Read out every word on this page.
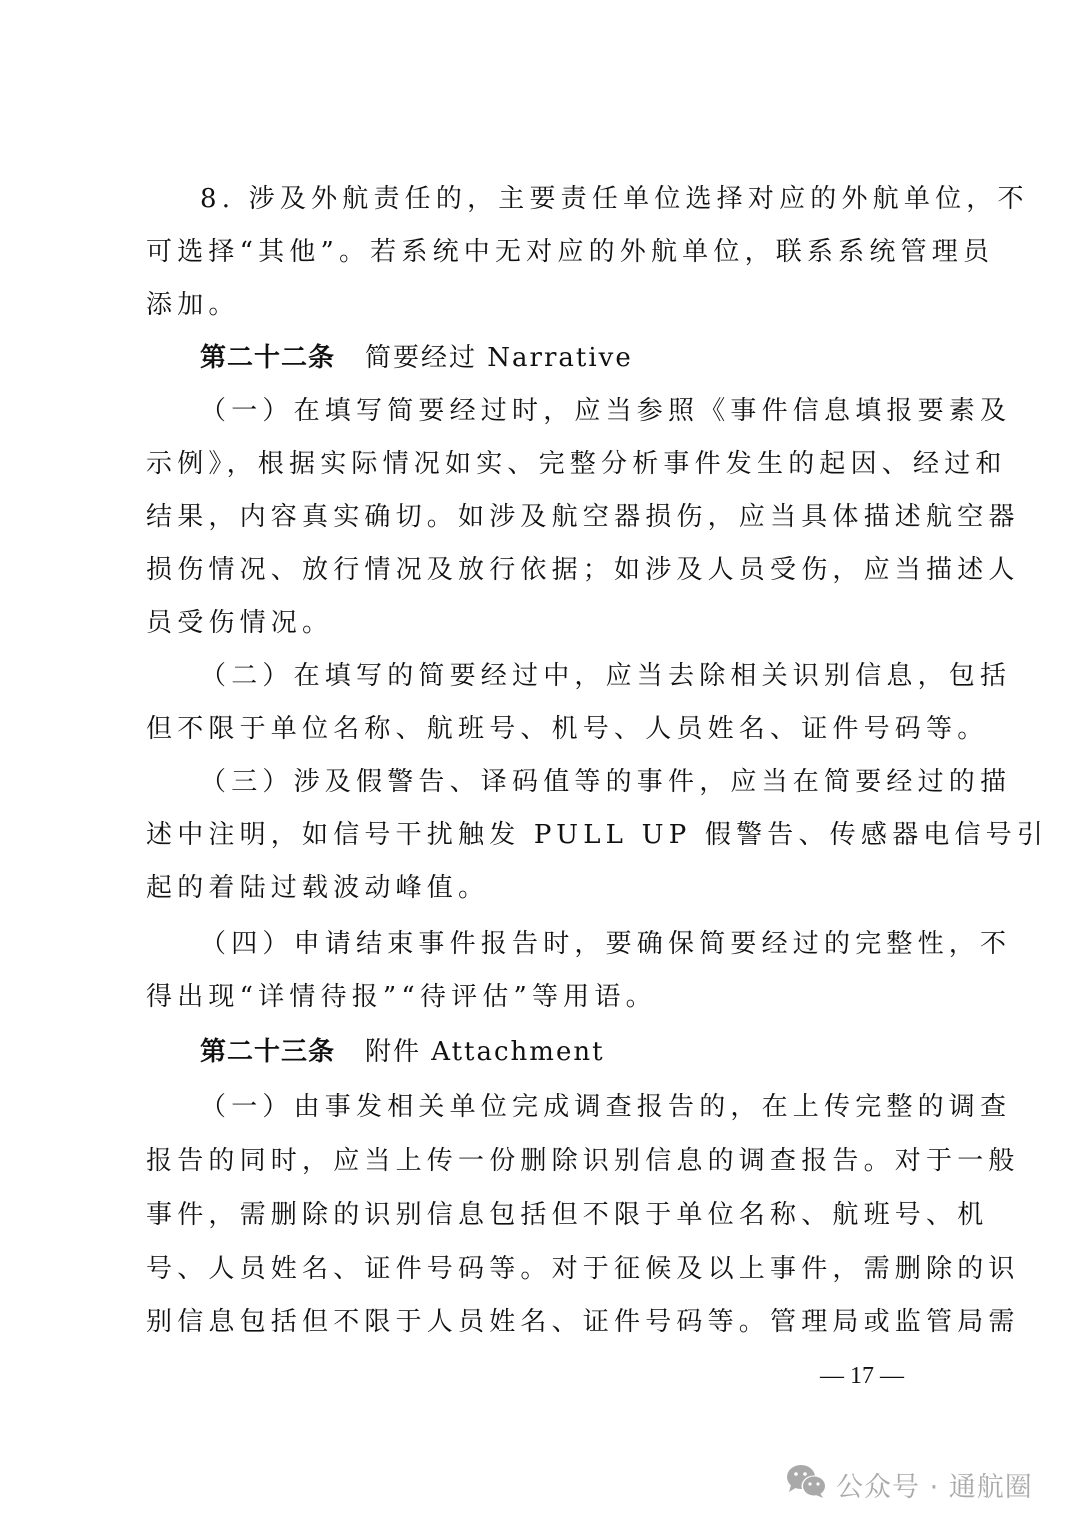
8. 涉及外航责任的，主要责任单位选择对应的外航单位，不
可选择“其他”。若系统中无对应的外航单位，联系系统管理员
添加。
第二十二条 简要经过 Narrative
（一）在填写简要经过时，应当参照《事件信息填报要素及
示例》，根据实际情况如实、完整分析事件发生的起因、经过和
结果，内容真实确切。如涉及航空器损伤，应当具体描述航空器
损伤情况、放行情况及放行依据；如涉及人员受伤，应当描述人
员受伤情况。
（二）在填写的简要经过中，应当去除相关识别信息，包括
但不限于单位名称、航班号、机号、人员姓名、证件号码等。
（三）涉及假警告、译码值等的事件，应当在简要经过的描
述中注明，如信号干扰触发 PULL UP 假警告、传感器电信号引
起的着陆过载波动峰值。
（四）申请结束事件报告时，要确保简要经过的完整性，不
得出现“详情待报”“待评估”等用语。
第二十三条 附件 Attachment
（一）由事发相关单位完成调查报告的，在上传完整的调查
报告的同时，应当上传一份删除识别信息的调查报告。对于一般
事件，需删除的识别信息包括但不限于单位名称、航班号、机
号、人员姓名、证件号码等。对于征候及以上事件，需删除的识
别信息包括但不限于人员姓名、证件号码等。管理局或监管局需
— 17 —
公众号 · 通航圈
